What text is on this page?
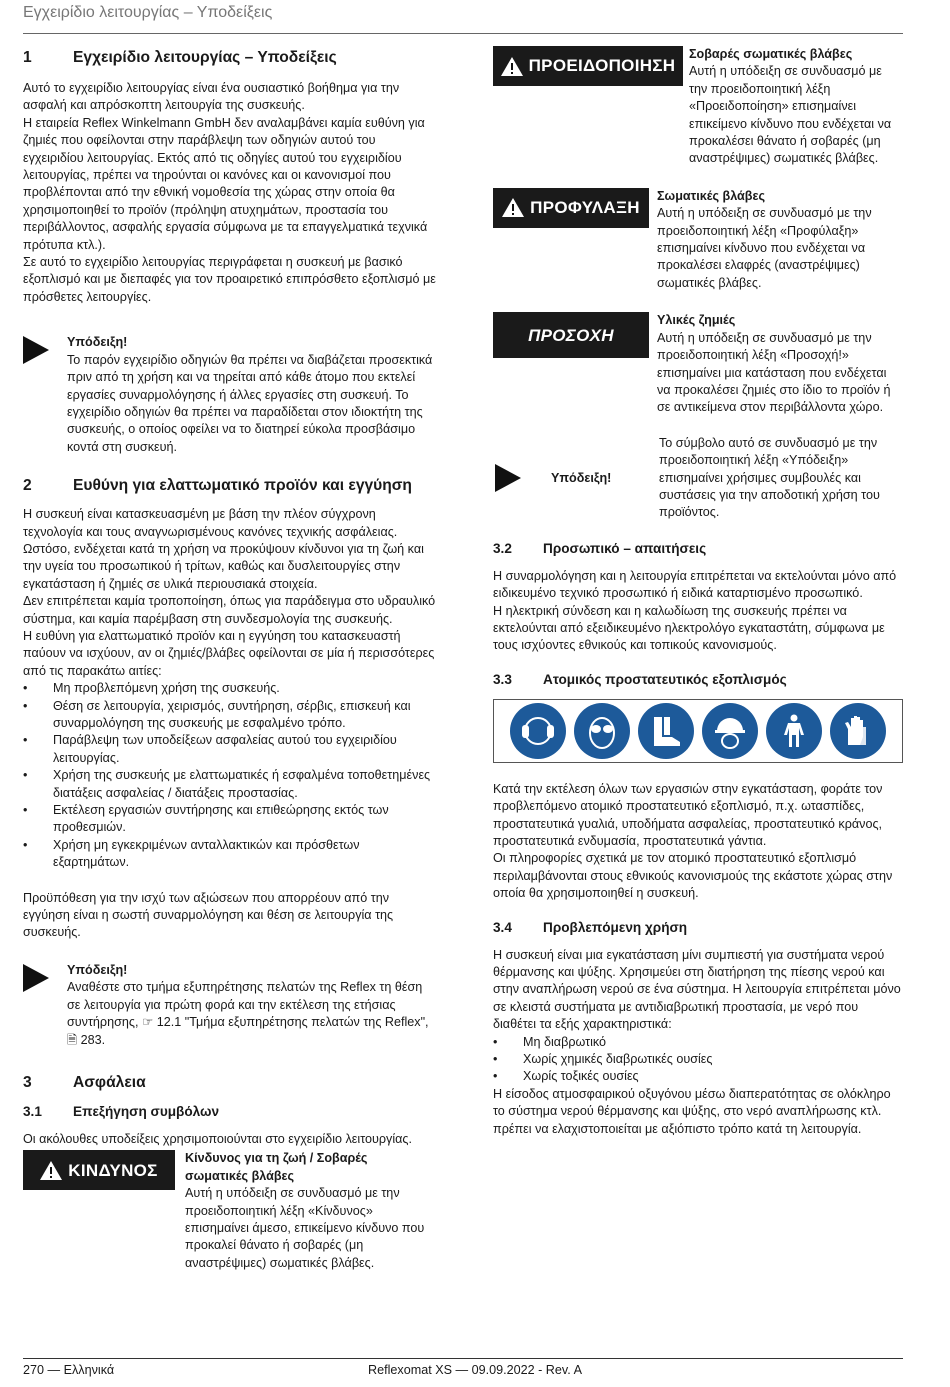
Εγχειρίδιο λειτουργίας – Υποδείξεις
1	Εγχειρίδιο λειτουργίας – Υποδείξεις

Αυτό το εγχειρίδιο λειτουργίας είναι ένα ουσιαστικό βοήθημα για την ασφαλή και απρόσκοπτη λειτουργία της συσκευής.

Η εταιρεία Reflex Winkelmann GmbH δεν αναλαμβάνει καμία ευθύνη για ζημιές που οφείλονται στην παράβλεψη των οδηγιών αυτού του εγχειριδίου λειτουργίας. Εκτός από τις οδηγίες αυτού του εγχειριδίου λειτουργίας, πρέπει να τηρούνται οι κανόνες και οι κανονισμοί που προβλέπονται από την εθνική νομοθεσία της χώρας στην οποία θα χρησιμοποιηθεί το προϊόν (πρόληψη ατυχημάτων, προστασία του περιβάλλοντος, ασφαλής εργασία σύμφωνα με τα επαγγελματικά τεχνικά πρότυπα κτλ.).

Σε αυτό το εγχειρίδιο λειτουργίας περιγράφεται η συσκευή με βασικό εξοπλισμό και με διεπαφές για τον προαιρετικό επιπρόσθετο εξοπλισμό με πρόσθετες λειτουργίες.

Υπόδειξη!

Το παρόν εγχειρίδιο οδηγιών θα πρέπει να διαβάζεται προσεκτικά πριν από τη χρήση και να τηρείται από κάθε άτομο που εκτελεί εργασίες συναρμολόγησης ή άλλες εργασίες στη συσκευή. Το εγχειρίδιο οδηγιών θα πρέπει να παραδίδεται στον ιδιοκτήτη της συσκευής, ο οποίος οφείλει να το διατηρεί εύκολα προσβάσιμο κοντά στη συσκευή.

2	Ευθύνη για ελαττωματικό προϊόν και εγγύηση

Η συσκευή είναι κατασκευασμένη με βάση την πλέον σύγχρονη τεχνολογία και τους αναγνωρισμένους κανόνες τεχνικής ασφάλειας. Ωστόσο, ενδέχεται κατά τη χρήση να προκύψουν κίνδυνοι για τη ζωή και την υγεία του προσωπικού ή τρίτων, καθώς και δυσλειτουργίες στην εγκατάσταση ή ζημιές σε υλικά περιουσιακά στοιχεία.

Δεν επιτρέπεται καμία τροποποίηση, όπως για παράδειγμα στο υδραυλικό σύστημα, και καμία παρέμβαση στη συνδεσμολογία της συσκευής.

Η ευθύνη για ελαττωματικό προϊόν και η εγγύηση του κατασκευαστή παύουν να ισχύουν, αν οι ζημιές/βλάβες οφείλονται σε μία ή περισσότερες από τις παρακάτω αιτίες:

•	Μη προβλεπόμενη χρήση της συσκευής.
•	Θέση σε λειτουργία, χειρισμός, συντήρηση, σέρβις, επισκευή και συναρμολόγηση της συσκευής με εσφαλμένο τρόπο.
•	Παράβλεψη των υποδείξεων ασφαλείας αυτού του εγχειριδίου λειτουργίας.
•	Χρήση της συσκευής με ελαττωματικές ή εσφαλμένα τοποθετημένες διατάξεις ασφαλείας / διατάξεις προστασίας.
•	Εκτέλεση εργασιών συντήρησης και επιθεώρησης εκτός των προθεσμιών.
•	Χρήση μη εγκεκριμένων ανταλλακτικών και πρόσθετων εξαρτημάτων.

Προϋπόθεση για την ισχύ των αξιώσεων που απορρέουν από την εγγύηση είναι η σωστή συναρμολόγηση και θέση σε λειτουργία της συσκευής.

Υπόδειξη!

Αναθέστε στο τμήμα εξυπηρέτησης πελατών της Reflex τη θέση σε λειτουργία για πρώτη φορά και την εκτέλεση της ετήσιας συντήρησης, ☞ 12.1 "Τμήμα εξυπηρέτησης πελατών της Reflex", 🗎 283.

3	Ασφάλεια
3.1	Επεξήγηση συμβόλων

Οι ακόλουθες υποδείξεις χρησιμοποιούνται στο εγχειρίδιο λειτουργίας.

ΚΙΝΔΥΝΟΣ
Κίνδυνος για τη ζωή / Σοβαρές σωματικές βλάβες

Αυτή η υπόδειξη σε συνδυασμό με την προειδοποιητική λέξη «Κίνδυνος» επισημαίνει άμεσο, επικείμενο κίνδυνο που προκαλεί θάνατο ή σοβαρές (μη αναστρέψιμες) σωματικές βλάβες.

ΠΡΟΕΙΔΟΠΟΙΗΣΗ
Σοβαρές σωματικές βλάβες

Αυτή η υπόδειξη σε συνδυασμό με την προειδοποιητική λέξη «Προειδοποίηση» επισημαίνει επικείμενο κίνδυνο που ενδέχεται να προκαλέσει θάνατο ή σοβαρές (μη αναστρέψιμες) σωματικές βλάβες.

ΠΡΟΦΥΛΑΞΗ
Σωματικές βλάβες

Αυτή η υπόδειξη σε συνδυασμό με την προειδοποιητική λέξη «Προφύλαξη» επισημαίνει κίνδυνο που ενδέχεται να προκαλέσει ελαφρές (αναστρέψιμες) σωματικές βλάβες.

ΠΡΟΣΟΧΗ
Υλικές ζημιές

Αυτή η υπόδειξη σε συνδυασμό με την προειδοποιητική λέξη «Προσοχή!» επισημαίνει μια κατάσταση που ενδέχεται να προκαλέσει ζημιές στο ίδιο το προϊόν ή σε αντικείμενα στον περιβάλλοντα χώρο.

Υπόδειξη!

Το σύμβολο αυτό σε συνδυασμό με την προειδοποιητική λέξη «Υπόδειξη» επισημαίνει χρήσιμες συμβουλές και συστάσεις για την αποδοτική χρήση του προϊόντος.

3.2	Προσωπικό – απαιτήσεις

Η συναρμολόγηση και η λειτουργία επιτρέπεται να εκτελούνται μόνο από ειδικευμένο τεχνικό προσωπικό ή ειδικά καταρτισμένο προσωπικό.

Η ηλεκτρική σύνδεση και η καλωδίωση της συσκευής πρέπει να εκτελούνται από εξειδικευμένο ηλεκτρολόγο εγκαταστάτη, σύμφωνα με τους ισχύοντες εθνικούς και τοπικούς κανονισμούς.

3.3	Ατομικός προστατευτικός εξοπλισμός

Κατά την εκτέλεση όλων των εργασιών στην εγκατάσταση, φοράτε τον προβλεπόμενο ατομικό προστατευτικό εξοπλισμό, π.χ. ωτασπίδες, προστατευτικά γυαλιά, υποδήματα ασφαλείας, προστατευτικό κράνος, προστατευτικά ενδυμασία, προστατευτικά γάντια.

Οι πληροφορίες σχετικά με τον ατομικό προστατευτικό εξοπλισμό περιλαμβάνονται στους εθνικούς κανονισμούς της εκάστοτε χώρας στην οποία θα χρησιμοποιηθεί η συσκευή.

3.4	Προβλεπόμενη χρήση

Η συσκευή είναι μια εγκατάσταση μίνι συμπιεστή για συστήματα νερού θέρμανσης και ψύξης. Χρησιμεύει στη διατήρηση της πίεσης νερού και στην αναπλήρωση νερού σε ένα σύστημα. Η λειτουργία επιτρέπεται μόνο σε κλειστά συστήματα με αντιδιαβρωτική προστασία, με νερό που διαθέτει τα εξής χαρακτηριστικά:

•	Μη διαβρωτικό
•	Χωρίς χημικές διαβρωτικές ουσίες
•	Χωρίς τοξικές ουσίες

Η είσοδος ατμοσφαιρικού οξυγόνου μέσω διαπερατότητας σε ολόκληρο το σύστημα νερού θέρμανσης και ψύξης, στο νερό αναπλήρωσης κτλ. πρέπει να ελαχιστοποιείται με αξιόπιστο τρόπο κατά τη λειτουργία.

270 — Ελληνικά	Reflexomat XS — 09.09.2022 - Rev. A
